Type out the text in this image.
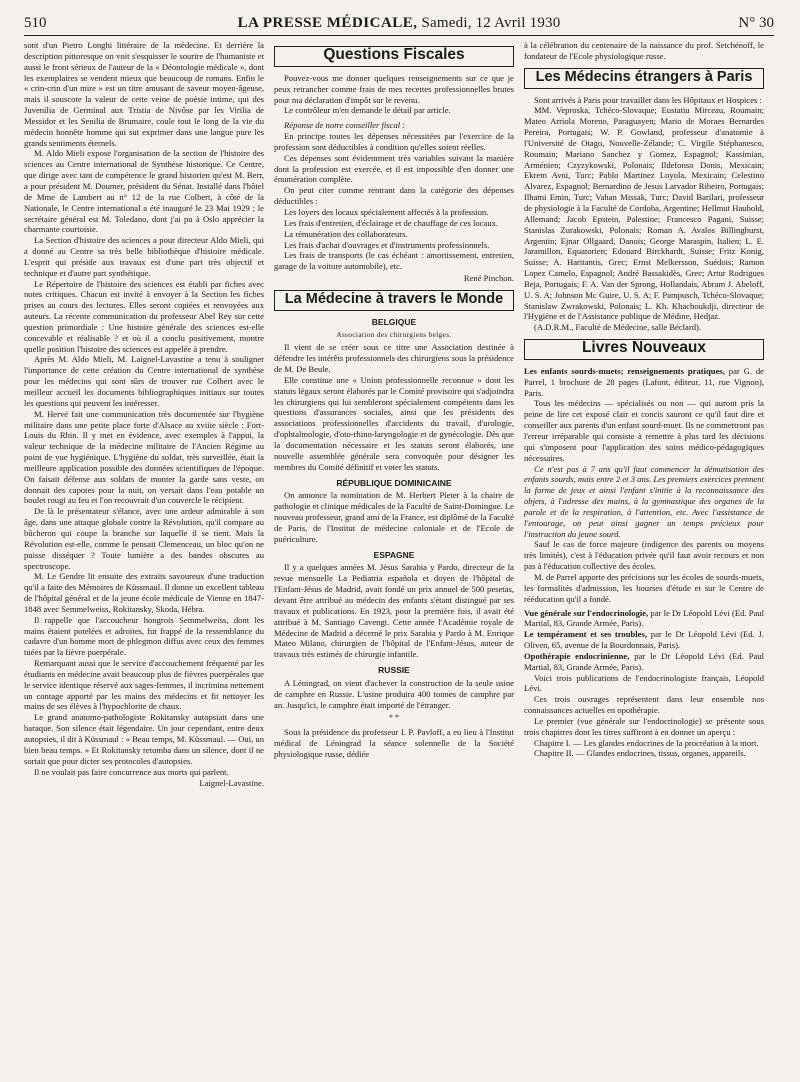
510	LA PRESSE MÉDICALE, Samedi, 12 Avril 1930	N° 30

sont d'un Pietro Longhi littéraire de la médecine. Et derrière la description pittoresque on voit s'esquisser le sourire de l'humaniste et aussi le front sérieux de l'auteur de la « Déontologie médicale », dont les exemplaires se vendent mieux que beaucoup de romans. Enfin le « crin-crin d'un mire » est un titre amusant de saveur moyen-âgeuse, mais il souscote la valeur de cette veine de poésie intime, qui des Juvenilia de Germinal aux Tristia de Nivôse par les Virilia de Messidor et les Senilia de Brumaire, coule tout le long de la vie du médecin honnête homme qui sut exprimer dans une langue pure les grands sentiments éternels.

M. Aldo Mieli expose l'organisation de la section de l'histoire des sciences au Centre international de Synthèse historique. Ce Centre, que dirige avec tant de compétence le grand historien qu'est M. Berr, a pour président M. Doumer, président du Sénat. Installé dans l'hôtel de Mme de Lambert au n° 12 de la rue Colbert, à côté de la Nationale, le Centre international a été inauguré le 23 Mai 1929 ; le secrétaire général est M. Toledano, dont j'ai pu à Oslo apprécier la charmante courtoisie.

La Section d'histoire des sciences a pour directeur Aldo Mieli, qui a donné au Centre sa très belle bibliothèque d'histoire médicale. L'esprit qui préside aux travaux est d'une part très objectif et technique et d'autre part synthétique.

Le Répertoire de l'histoire des sciences est établi par fiches avec notes critiques. Chacun est invité à envoyer à la Section les fiches prises au cours des lectures. Elles seront copiées et renvoyées aux auteurs. La récente communication du professeur Abel Rey sur cette question primordiale : Une histoire générale des sciences est-elle concevable et réalisable ? et où il a conclu positivement, montre quelle position l'histoire des sciences est appelée à prendre.

Après M. Aldo Mieli, M. Laignel-Lavastine a tenu à souligner l'importance de cette création du Centre international de synthèse pour les médecins qui sont sûrs de trouver rue Colbert avec le meilleur accueil les documents bibliographiques initiaux sur toutes les questions qui peuvent les intéresser.

M. Hervé fait une communication très documentée sur l'hygiène militaire dans une petite place forte d'Alsace au xviiie siècle : Fort-Louis du Rhin. Il y met en évidence, avec exemples à l'appui, la valeur technique de la médecine militaire de l'Ancien Régime au point de vue hygiénique. L'hygiène du soldat, très surveillée, était la meilleure application possible des données scientifiques de l'époque. On faisait défense aux soldats de monter la garde sans veste, on donnait des capotes pour la nuit, on versait dans l'eau potable un boulet rougi au feu et l'on recouvrait d'un couvercle le récipient.

De là le présentateur s'élance, avec une ardeur admirable à son âge, dans une attaque globale contre la Révolution, qu'il compare au bûcheron qui coupe la branche sur laquelle il se tient. Mais la Révolution est-elle, comme le pensait Clemenceau, un bloc qu'on ne puisse disséquer ? Toute lumière a des bandes obscures au spectroscope.

M. Le Gendre lit ensuite des extraits savoureux d'une traduction qu'il a faite des Mémoires de Küssmaul. Il donne un excellent tableau de l'hôpital général et de la jeune école médicale de Vienne en 1847-1848 avec Semmelweiss, Rokitansky, Skoda, Hébra.

Il rappelle que l'accoucheur hongrois Semmelweiss, dont les mains étaient potelées et adroites, fut frappé de la ressemblance du cadavre d'un homme mort de phlegmon diffus avec ceux des femmes tuées par la fièvre puerpérale.

Remarquant aussi que le service d'accouchement fréquenté par les étudiants en médecine avait beaucoup plus de fièvres puerpérales que le service identique réservé aux sages-femmes, il incrimina nettement un contage apporté par les mains des médecins et fit nettoyer les mains de ses élèves à l'hypochlorite de chaux.

Le grand anatomo-pathologiste Rokitansky autopsiait dans une baraque. Son silence était légendaire. Un jour cependant, entre deux autopsies, il dit à Küssmaul : « Beau temps, M. Küssmaul. — Oui, un bien beau temps. » Et Rokitansky retomba dans un silence, dont il ne sortait que pour dicter ses protocoles d'autopsies.

Il ne voulait pas faire concurrence aux morts qui parlent.

Laignel-Lavastine.

Questions Fiscales

Pouvez-vous me donner quelques renseignements sur ce que je peux retrancher comme frais de mes recettes professionnelles brutes pour ma déclaration d'impôt sur le revenu.

Le contrôleur m'en demande le détail par article.

Réponse de notre conseiller fiscal :

En principe toutes les dépenses nécessitées par l'exercice de la profession sont déductibles à condition qu'elles soient réelles.

Ces dépenses sont évidemment très variables suivant la manière dont la profession est exercée, et il est impossible d'en donner une énumération complète.

On peut citer comme rentrant dans la catégorie des dépenses déductibles :

Les loyers des locaux spécialement affectés à la profession.

Les frais d'entretien, d'éclairage et de chauffage de ces locaux.

La rémunération des collaborateurs.

Les frais d'achat d'ouvrages et d'instruments professionnels.

Les frais de transports (le cas échéant : amortissement, entretien, garage de la voiture automobile), etc.

René Pinchon.

La Médecine à travers le Monde
BELGIQUE
Association des chirurgiens belges.

Il vient de se créer sous ce titre une Association destinée à défendre les intérêts professionnels des chirurgiens sous la présidence de M. De Beule.

Elle constitue une « Union professionnelle reconnue » dont les statuts légaux seront élaborés par le Comité provisoire qui s'adjoindra les chirurgiens qui lui sembleront spécialement compétents dans les questions d'assurances sociales, ainsi que les présidents des associations professionnelles d'accidents du travail, d'urologie, d'ophtalmologie, d'oto-rhino-laryngologie et de gynécologie. Dès que la documentation nécessaire et les statuts seront élaborés, une nouvelle assemblée générale sera convoquée pour désigner les membres du Comité définitif et voter les statuts.

RÉPUBLIQUE DOMINICAINE

On annonce la nomination de M. Herbert Pieter à la chaire de pathologie et clinique médicales de la Faculté de Saint-Domingue. Le nouveau professeur, grand ami de la France, est diplômé de la Faculté de Paris, de l'Institut de médecine coloniale et de l'Ecole de puériculture.

ESPAGNE

Il y a quelques années M. Jésus Sarabia y Pardo, directeur de la revue mensuelle La Pediatria española et doyen de l'hôpital de l'Enfant-Jésus de Madrid, avait fondé un prix annuel de 500 pesetas, devant être attribué au médecin des enfants s'étant distingué par ses travaux et publications. En 1923, pour la première fois, il avait été attribué à M. Santiago Cavengt. Cette année l'Académie royale de Médecine de Madrid a décerné le prix Sarabia y Pardo à M. Enrique Mateo Milano, chirurgien de l'hôpital de l'Enfant-Jésus, auteur de travaux très estimés de chirurgie infantile.

RUSSIE

A Léningrad, on vient d'achever la construction de la seule usine de camphre en Russie. L'usine produira 400 tonnes de camphre par an. Jusqu'ici, le camphre était importé de l'étranger.

* *

Sous la présidence du professeur I. P. Pavloff, a eu lieu à l'Institut médical de Léningrad la séance solennelle de la Société physiologique russe, dédiée

à la célébration du centenaire de la naissance du prof. Setchénoff, le fondateur de l'Ecole physiologique russe.

Les Médecins étrangers à Paris

Sont arrivés à Paris pour travailler dans les Hôpitaux et Hospices :

MM. Veproska, Tchéco-Slovaque; Eustatiu Mirceau, Roumain; Mateo Arriola Moreno, Paraguayen; Mario de Moraes Bernardes Pereira, Portugais; W. P. Gowland, professeur d'anatomie à l'Université de Otago, Nouvelle-Zélande; C. Virgile Stéphanesco, Roumain; Mariano Sanchez y Gomez, Espagnol; Kassimian, Arménien; Czyzykowski, Polonais; Ildefonso Donis, Mexicain; Ekrem Avni, Turc; Pablo Martinez Loyola, Mexicain; Celestino Alvarez, Espagnol; Bernardino de Jesus Larvador Ribeiro, Portugais; Ilhami Emin, Turc; Vahan Missak, Turc; David Barilari, professeur de physiologie à la Faculté de Cordoba, Argentine; Hellmut Haubold, Allemand; Jacob Epstein, Palestine; Francesco Pagani, Suisse; Stanislas Zurakowski, Polonais; Roman A. Avalos Billinghurst, Argentin; Ejnar Ollgaard, Danois; George Maraspin, Italien; L. E. Jaramillon, Equatorien; Edouard Birckhardt, Suisse; Fritz Konig, Suisse; A. Haritantis, Grec; Ernst Melkersson, Suédois; Ramon Lopez Camelo, Espagnol; André Bassakidès, Grec; Artur Rodrigues Beja, Portugais; F. A. Van der Sprong, Hollandais, Abram J. Abeloff, U. S. A; Johnson Mc Guire, U. S. A; F. Pampusch, Tchéco-Slovaque; Stanislaw Zwrakowski, Polonais; L. Kh. Khachoukdji, directeur de l'Hygiène et de l'Assistance publique de Médine, Hedjaz.

(A.D.R.M., Faculté de Médecine, salle Béclard).

Livres Nouveaux

Les enfants sourds-muets; renseignements pratiques, par G. de Parrel, 1 brochure de 28 pages (Lafont, éditeur, 11, rue Vignon), Paris.

Tous les médecins — spécialisés ou non — qui auront pris la peine de lire cet exposé clair et concis sauront ce qu'il faut dire et conseiller aux parents d'un enfant sourd-muet. Ils ne commettront pas l'erreur irréparable qui consiste à remettre à plus tard les décisions qui s'imposent pour l'application des soins médico-pédagogiques nécessaires.

Ce n'est pas à 7 ans qu'il faut commencer la démutisation des enfants sourds, mais entre 2 et 3 ans. Les premiers exercices prennent la forme de jeux et ainsi l'enfant s'initie à la reconnaissance des objets, à l'adresse des mains, à la gymnastique des organes de la parole et de la respiration, à l'attention, etc. Avec l'assistance de l'entourage, on peut ainsi gagner un temps précieux pour l'instruction du jeune sourd.

Sauf le cas de force majeure (indigence des parents ou moyens très limités), c'est à l'éducation privée qu'il faut avoir recours et non pas à l'éducation collective des écoles.

M. de Parrel apporte des précisions sur les écoles de sourds-muets, les formalités d'admission, les bourses d'étude et sur le Centre de rééducation qu'il a fondé.

Vue générale sur l'endocrinologie, par le Dr Léopold Lévi (Ed. Paul Martial, 83, Grande Armée, Paris).

Le tempérament et ses troubles, par le Dr Léopold Lévi (Ed. J. Oliven, 65, avenue de la Bourdonnais, Paris).

Opothérapie endocrinienne, par le Dr Léopold Lévi (Ed. Paul Martial, 83, Grande Armée, Paris).

Voici trois publications de l'endocrinologiste français, Léopold Lévi.

Ces trois ouvrages représentent dans leur ensemble nos connaissances actuelles en opothérapie.

Le premier (vue générale sur l'endocrinologie) se présente sous trois chapitres dont les titres suffiront à en donner un aperçu :

Chapitre I. — Les glandes endocrines de la procréation à la mort.

Chapitre II. — Glandes endocrines, tissus, organes, appareils.
